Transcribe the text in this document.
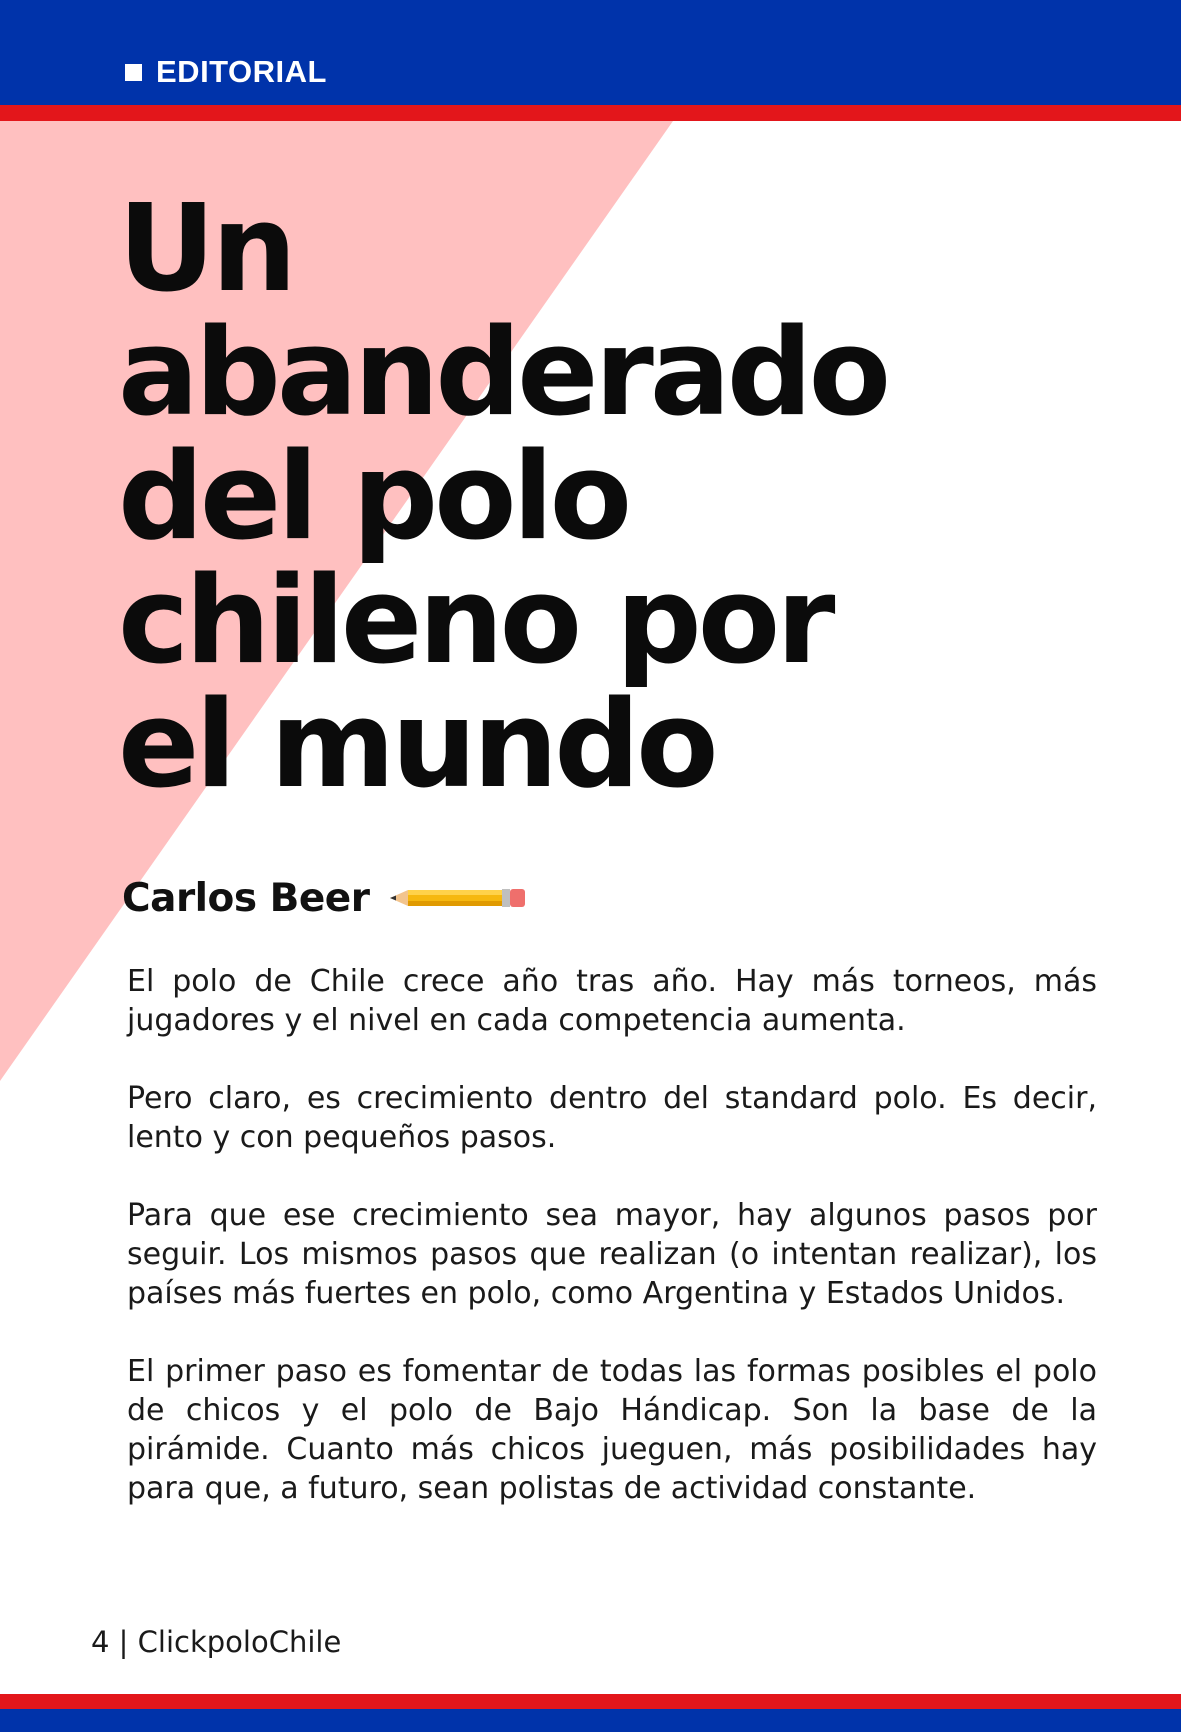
EDITORIAL
Un
abanderado
del polo
chileno por
el mundo
Carlos Beer

El polo de Chile crece año tras año. Hay más torneos, más jugadores y el nivel en cada competencia aumenta.

Pero claro, es crecimiento dentro del standard polo. Es decir, lento y con pequeños pasos.

Para que ese crecimiento sea mayor, hay algunos pasos por seguir. Los mismos pasos que realizan (o intentan realizar), los países más fuertes en polo, como Argentina y Estados Unidos.

El primer paso es fomentar de todas las formas posibles el polo de chicos y el polo de Bajo Hándicap. Son la base de la pirámide. Cuanto más chicos jueguen, más posibilidades hay para que, a futuro, sean polistas de actividad constante.

4 | ClickpoloChile
